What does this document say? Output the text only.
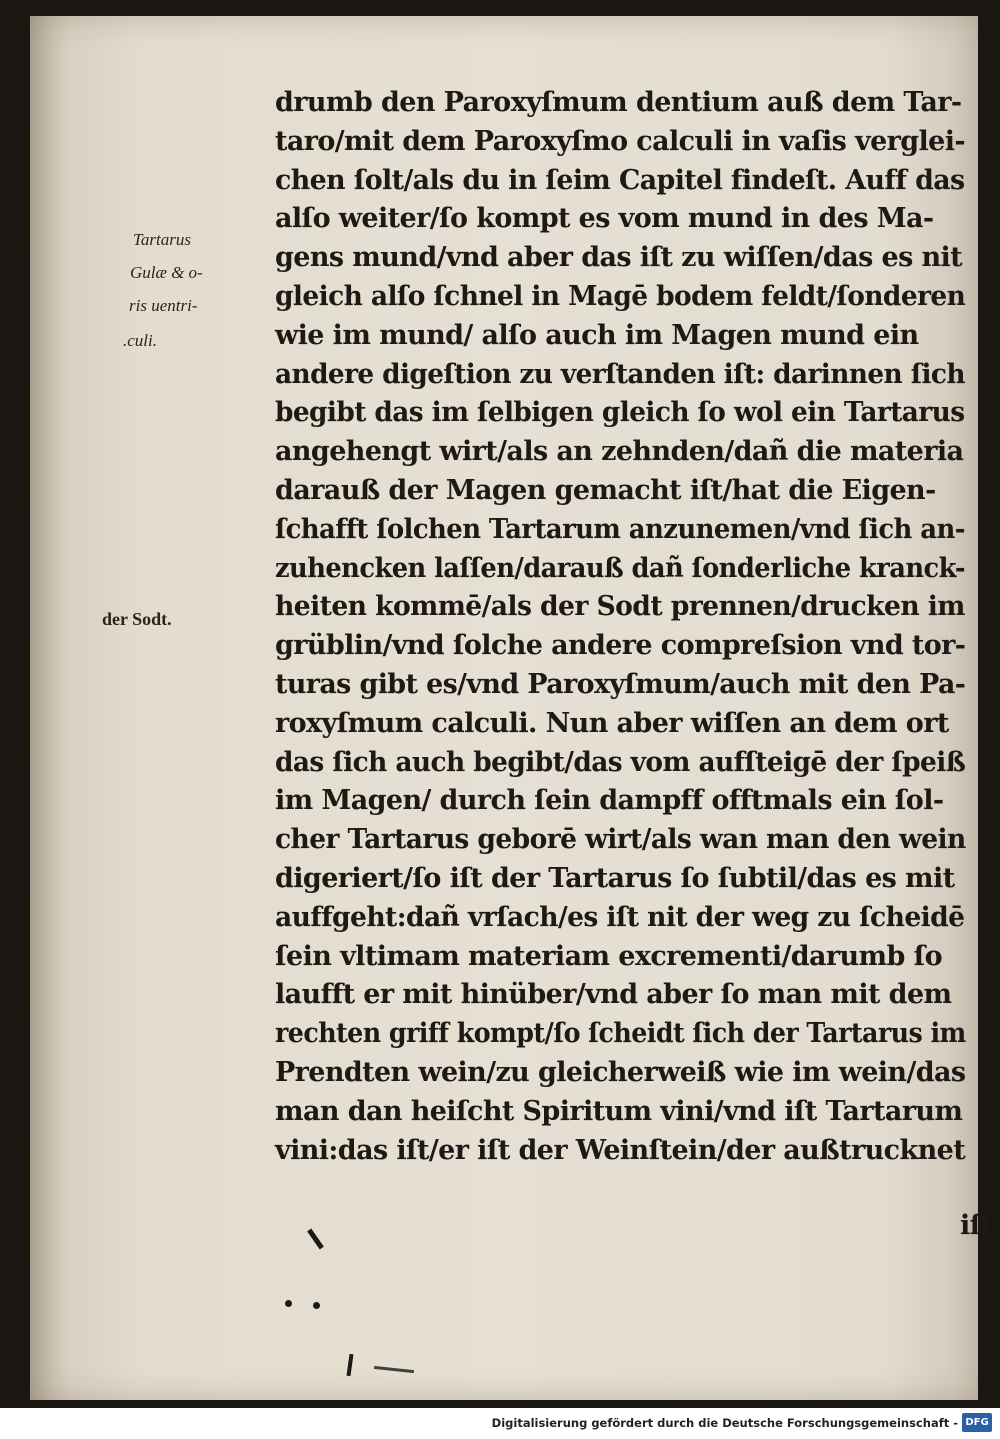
drumb den Paroxyſmum dentium auß dem Tar-
taro/mit dem Paroxyſmo calculi in vaſis verglei-
chen ſolt/als du in ſeim Capitel findeſt. Auff das
alſo weiter/ſo kompt es vom mund in des Ma-
gens mund/vnd aber das iſt zu wiſſen/das es nit
gleich alſo ſchnel in Magē bodem feldt/ſonderen
wie im mund/ alſo auch im Magen mund ein
andere digeſtion zu verſtanden iſt: darinnen ſich
begibt das im ſelbigen gleich ſo wol ein Tartarus
angehengt wirt/als an zehnden/dañ die materia
darauß der Magen gemacht iſt/hat die Eigen-
ſchafft ſolchen Tartarum anzunemen/vnd ſich an-
zuhencken laſſen/darauß dañ ſonderliche kranck-
heiten kommē/als der Sodt prennen/drucken im
grüblin/vnd ſolche andere compreſsion vnd tor-
turas gibt es/vnd Paroxyſmum/auch mit den Pa-
roxyſmum calculi. Nun aber wiſſen an dem ort
das ſich auch begibt/das vom aufſteigē der ſpeiß
im Magen/ durch ſein dampff offtmals ein ſol-
cher Tartarus geborē wirt/als wan man den wein
digeriert/ſo iſt der Tartarus ſo ſubtil/das es mit
auffgeht:dañ vrſach/es iſt nit der weg zu ſcheidē
ſein vltimam materiam excrementi/darumb ſo
laufft er mit hinüber/vnd aber ſo man mit dem
rechten griff kompt/ſo ſcheidt ſich der Tartarus im
Prendten wein/zu gleicherweiß wie im wein/das
man dan heiſcht Spiritum vini/vnd iſt Tartarum
vini:das iſt/er iſt der Weinſtein/der außtrucknet
iſt
Tartarus
Gulæ & o-
ris uentri-
.culi.
der Sodt.
Digitalisierung gefördert durch die Deutsche Forschungsgemeinschaft - DFG
